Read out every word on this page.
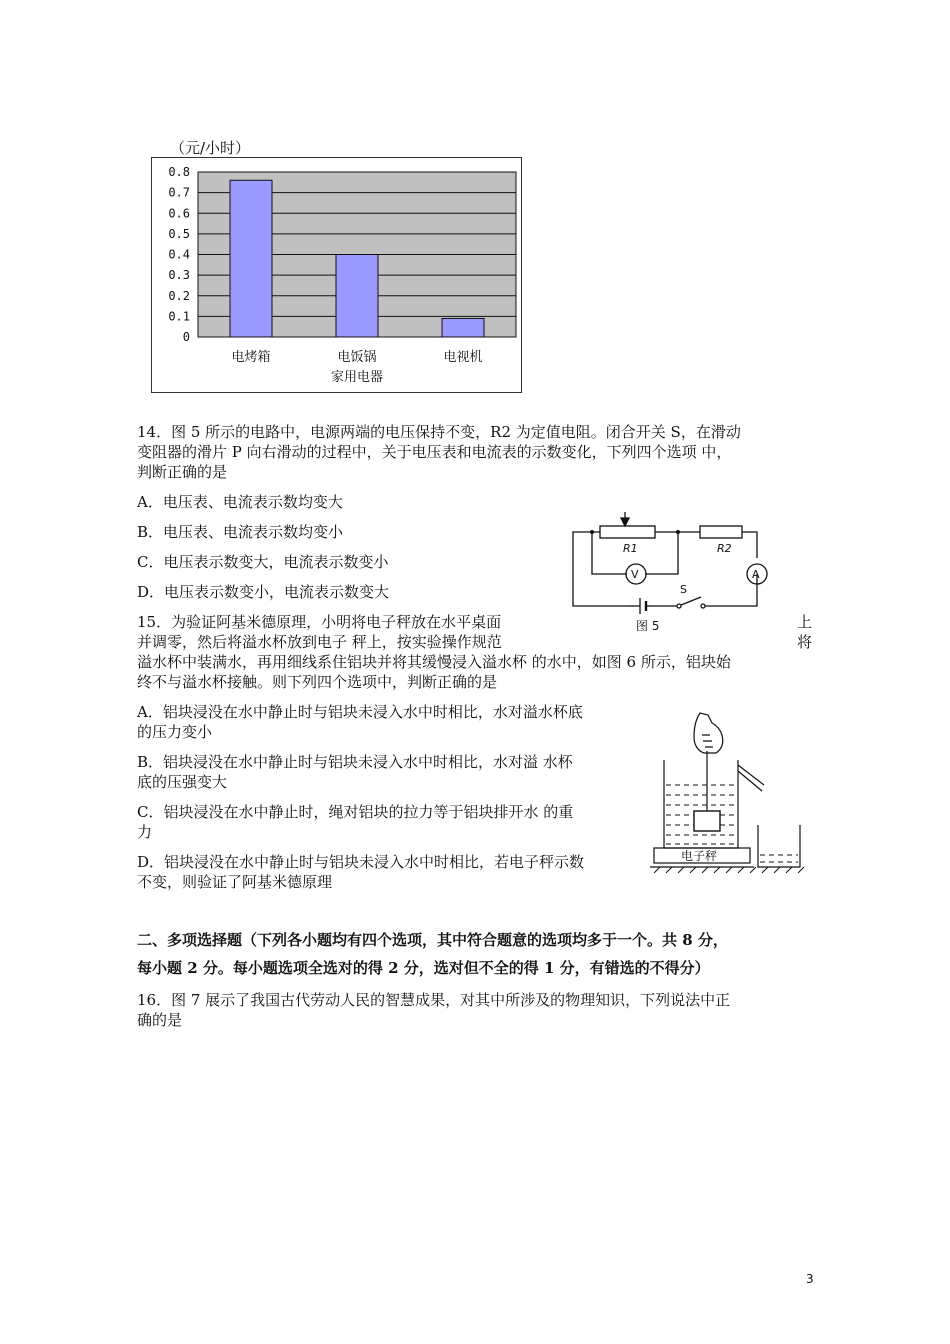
（元/小时）
0.8
0.7
0.6
0.5
0.4
0.3
0.2
0.1
0
电烤箱	电饭锅	电视机
家用电器
14．图 5 所示的电路中，电源两端的电压保持不变，R2 为定值电阻。闭合开关 S，在滑动
变阻器的滑片 P 向右滑动的过程中，关于电压表和电流表的示数变化，下列四个选项 中，
判断正确的是
A．电压表、电流表示数均变大
B．电压表、电流表示数均变小
C．电压表示数变大，电流表示数变小
D．电压表示数变小，电流表示数变大
R1	R2
V	A
S
图 5
15．为验证阿基米德原理，小明将电子秤放在水平桌面	上
并调零，然后将溢水杯放到电子 秤上，按实验操作规范	将
溢水杯中装满水，再用细线系住铝块并将其缓慢浸入溢水杯 的水中，如图 6 所示，铝块始
终不与溢水杯接触。则下列四个选项中，判断正确的是
A．铝块浸没在水中静止时与铝块未浸入水中时相比，水对溢水杯底
的压力变小
B．铝块浸没在水中静止时与铝块未浸入水中时相比，水对溢 水杯
底的压强变大
C．铝块浸没在水中静止时，绳对铝块的拉力等于铝块排开水 的重
力
D．铝块浸没在水中静止时与铝块未浸入水中时相比，若电子秤示数
不变，则验证了阿基米德原理
电子秤
二、多项选择题（下列各小题均有四个选项，其中符合题意的选项均多于一个。共 8 分，
每小题 2 分。每小题选项全选对的得 2 分，选对但不全的得 1 分，有错选的不得分）
16．图 7 展示了我国古代劳动人民的智慧成果，对其中所涉及的物理知识，下列说法中正
确的是
3
